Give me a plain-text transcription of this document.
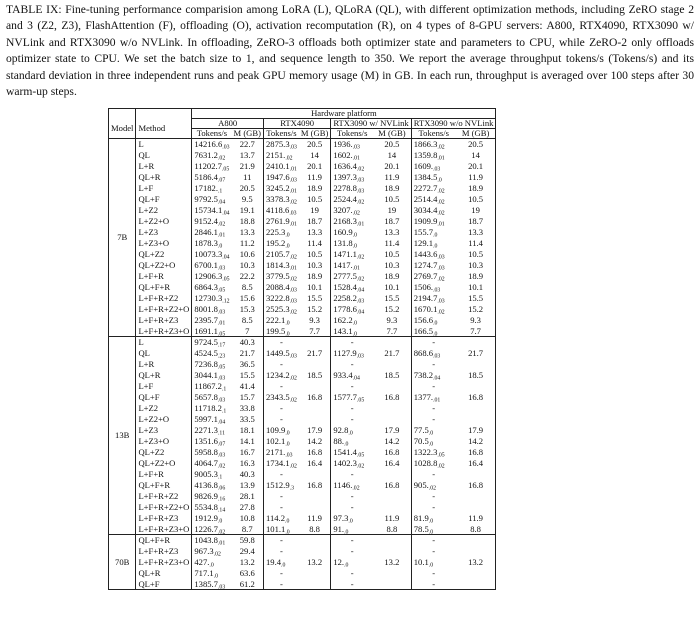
TABLE IX: Fine-tuning performance comparision among LoRA (L), QLoRA (QL), with different optimization methods, including ZeRO stage 2 and 3 (Z2, Z3), FlashAttention (F), offloading (O), activation recomputation (R), on 4 types of 8-GPU servers: A800, RTX4090, RTX3090 w/ NVLink and RTX3090 w/o NVLink. In offloading, ZeRO-3 offloads both optimizer state and parameters to CPU, while ZeRO-2 only offloads optimizer state to CPU. We set the batch size to 1, and sequence length to 350. We report the average throughput tokens/s (Tokens/s) and its standard deviation in three independent runs and peak GPU memory usage (M) in GB. In each run, throughput is averaged over 100 steps after 30 warm-up steps.
		Hardware platform							
Model	Method	A800		RTX4090		RTX3090 w/ NVLink		RTX3090 w/o NVLink	
		Tokens/s	M (GB)	Tokens/s	M (GB)	Tokens/s	M (GB)	Tokens/s	M (GB)
7B	L	$14216.6_{.03}$	22.7	$2875.3_{.03}$	20.5	$1936._{.03}$	20.5	$1866.3_{.02}$	20.5
	QL	$7631.2_{.02}$	13.7	$2151._{.02}$	14	$1602._{.01}$	14	$1359.8_{.01}$	14
	L+R	$11202.7_{.05}$	21.9	$2410.1_{.01}$	20.1	$1636.4_{.02}$	20.1	$1609._{.03}$	20.1
	QL+R	$5186.4_{.07}$	11	$1947.6_{.03}$	11.9	$1397.3_{.03}$	11.9	$1384.5_{.0}$	11.9
	L+F	$17182._{.1}$	20.5	$3245.2_{.01}$	18.9	$2278.8_{.03}$	18.9	$2272.7_{.02}$	18.9
	QL+F	$9792.5_{.04}$	9.5	$3378.3_{.02}$	10.5	$2524.4_{.02}$	10.5	$2514.4_{.02}$	10.5
	L+Z2	$15734.1_{.04}$	19.1	$4118.6_{.03}$	19	$3207._{.02}$	19	$3034.4_{.02}$	19
	L+Z2+O	$9152.4_{.02}$	18.8	$2761.9_{.01}$	18.7	$2168.3_{.01}$	18.7	$1909.9_{.01}$	18.7
	L+Z3	$2846.1_{.01}$	13.3	$225.3_{.0}$	13.3	$160.9_{.0}$	13.3	$155.7_{.0}$	13.3
	L+Z3+O	$1878.3_{.0}$	11.2	$195.2_{.0}$	11.4	$131.8_{.0}$	11.4	$129.1_{.0}$	11.4
	QL+Z2	$10073.3_{.04}$	10.6	$2105.7_{.02}$	10.5	$1471.1_{.02}$	10.5	$1443.6_{.03}$	10.5
	QL+Z2+O	$6700.1_{.03}$	10.3	$1814.3_{.01}$	10.3	$1417._{.01}$	10.3	$1274.7_{.03}$	10.3
	L+F+R	$12906.3_{.05}$	22.2	$3779.5_{.02}$	18.9	$2777.5_{.02}$	18.9	$2769.7_{.02}$	18.9
	QL+F+R	$6864.3_{.05}$	8.5	$2088.4_{.03}$	10.1	$1528.4_{.04}$	10.1	$1506._{.03}$	10.1
	L+F+R+Z2	$12730.3_{.12}$	15.6	$3222.8_{.03}$	15.5	$2258.2_{.03}$	15.5	$2194.7_{.03}$	15.5
	L+F+R+Z2+O	$8001.8_{.03}$	15.3	$2525.3_{.02}$	15.2	$1778.6_{.04}$	15.2	$1670.1_{.02}$	15.2
	L+F+R+Z3	$2395.7_{.01}$	8.5	$222.1_{.0}$	9.3	$162.2_{.0}$	9.3	$156.6_{.0}$	9.3
	L+F+R+Z3+O	$1691.1_{.05}$	7	$199.5_{.0}$	7.7	$143.1_{.0}$	7.7	$166.5_{.0}$	7.7
13B	L	$9724.5_{.17}$	40.3	-		-		-	
	QL	$4524.5_{.23}$	21.7	$1449.5_{.03}$	21.7	$1127.9_{.03}$	21.7	$868.6_{.03}$	21.7
	L+R	$7236.8_{.05}$	36.5	-		-		-	
	QL+R	$3044.1_{.03}$	15.5	$1234.2_{.02}$	18.5	$933.4_{.04}$	18.5	$738.2_{.04}$	18.5
	L+F	$11867.2_{.1}$	41.4	-		-		-	
	QL+F	$5657.8_{.03}$	15.7	$2343.5_{.02}$	16.8	$1577.7_{.05}$	16.8	$1377._{.01}$	16.8
	L+Z2	$11718.2_{.1}$	33.8	-		-		-	
	L+Z2+O	$5997.1_{.04}$	33.5	-		-		-	
	L+Z3	$2271.3_{.11}$	18.1	$109.9_{.0}$	17.9	$92.8_{.0}$	17.9	$77.5_{.0}$	17.9
	L+Z3+O	$1351.6_{.07}$	14.1	$102.1_{.0}$	14.2	$88._{.0}$	14.2	$70.5_{.0}$	14.2
	QL+Z2	$5958.8_{.03}$	16.7	$2171._{.03}$	16.8	$1541.4_{.05}$	16.8	$1322.3_{.05}$	16.8
	QL+Z2+O	$4064.7_{.02}$	16.3	$1734.1_{.02}$	16.4	$1402.3_{.02}$	16.4	$1028.8_{.02}$	16.4
	L+F+R	$9005.3_{.1}$	40.3	-		-		-	
	QL+F+R	$4136.8_{.06}$	13.9	$1512.9_{.3}$	16.8	$1146._{.02}$	16.8	$905._{.02}$	16.8
	L+F+R+Z2	$9826.9_{.16}$	28.1	-		-		-	
	L+F+R+Z2+O	$5534.8_{.14}$	27.8	-		-		-	
	L+F+R+Z3	$1912.9_{.0}$	10.8	$114.2_{.0}$	11.9	$97.3_{.0}$	11.9	$81.9_{.0}$	11.9
	L+F+R+Z3+O	$1226.7_{.02}$	8.7	$101.1_{.0}$	8.8	$91._{.0}$	8.8	$78.5_{.0}$	8.8
70B	QL+F+R	$1043.8_{.01}$	59.8	-		-		-	
	L+F+R+Z3	$967.3_{.02}$	29.4	-		-		-	
	L+F+R+Z3+O	$427._{.0}$	13.2	$19.4_{.0}$	13.2	$12._{.0}$	13.2	$10.1_{.0}$	13.2
	QL+R	$717.1_{.0}$	63.6	-		-		-	
	QL+F	$1385.7_{.03}$	61.2	-		-		-	
